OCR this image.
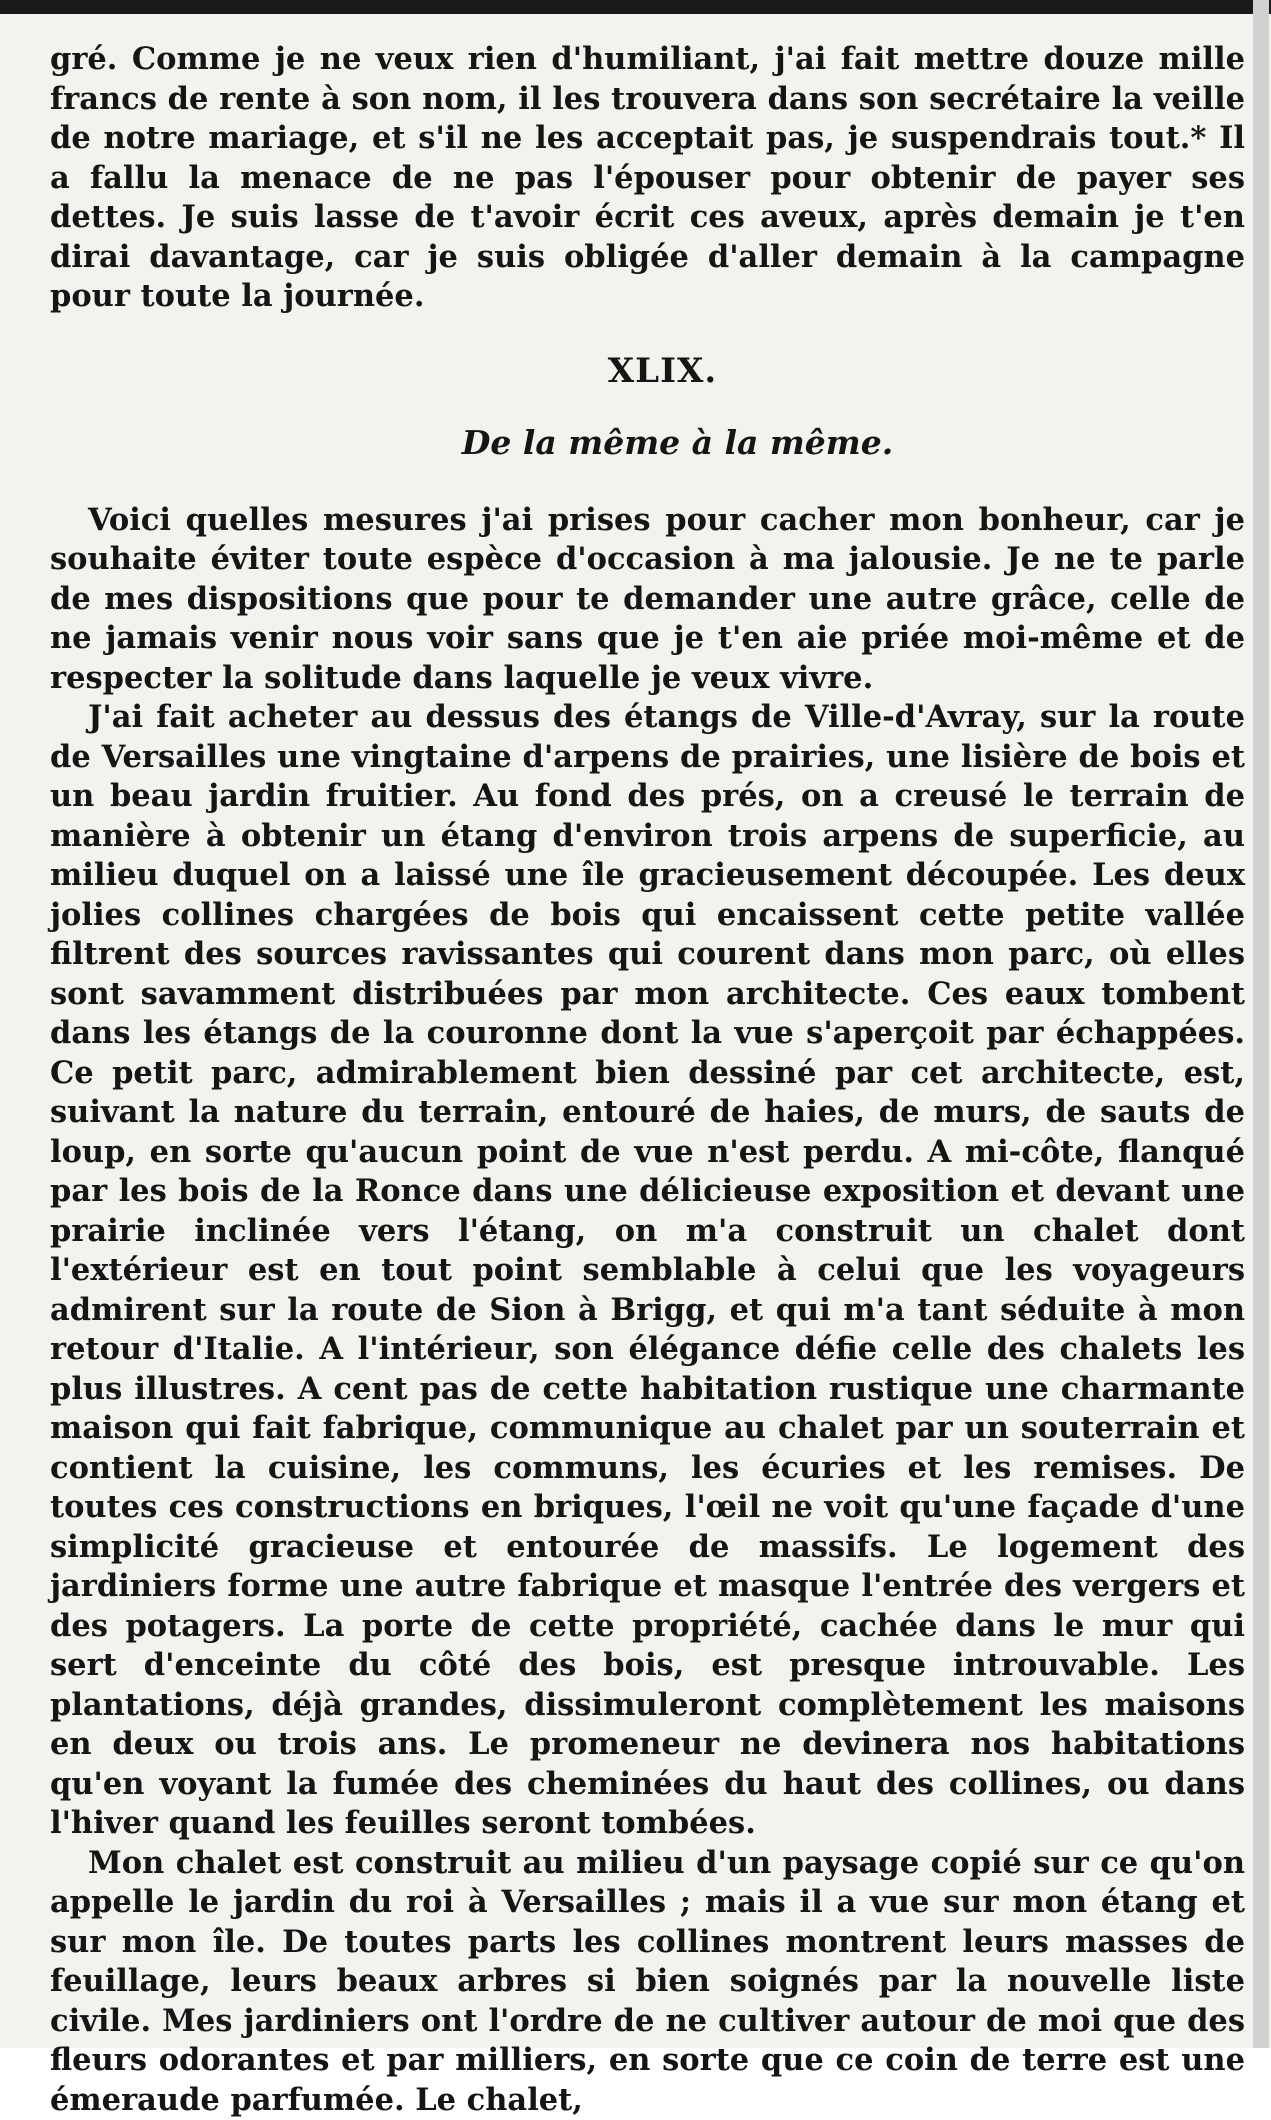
gré. Comme je ne veux rien d'humiliant, j'ai fait mettre douze mille francs de rente à son nom, il les trouvera dans son secrétaire la veille de notre mariage, et s'il ne les acceptait pas, je suspendrais tout.* Il a fallu la menace de ne pas l'épouser pour obtenir de payer ses dettes. Je suis lasse de t'avoir écrit ces aveux, après demain je t'en dirai davantage, car je suis obligée d'aller demain à la campagne pour toute la journée.

XLIX.
De la même à la même.

Voici quelles mesures j'ai prises pour cacher mon bonheur, car je souhaite éviter toute espèce d'occasion à ma jalousie. Je ne te parle de mes dispositions que pour te demander une autre grâce, celle de ne jamais venir nous voir sans que je t'en aie priée moi-même et de respecter la solitude dans laquelle je veux vivre.

J'ai fait acheter au dessus des étangs de Ville-d'Avray, sur la route de Versailles une vingtaine d'arpens de prairies, une lisière de bois et un beau jardin fruitier. Au fond des prés, on a creusé le terrain de manière à obtenir un étang d'environ trois arpens de superficie, au milieu duquel on a laissé une île gracieusement découpée. Les deux jolies collines chargées de bois qui encaissent cette petite vallée filtrent des sources ravissantes qui courent dans mon parc, où elles sont savamment distribuées par mon architecte. Ces eaux tombent dans les étangs de la couronne dont la vue s'aperçoit par échappées. Ce petit parc, admirablement bien dessiné par cet architecte, est, suivant la nature du terrain, entouré de haies, de murs, de sauts de loup, en sorte qu'aucun point de vue n'est perdu. A mi-côte, flanqué par les bois de la Ronce dans une délicieuse exposition et devant une prairie inclinée vers l'étang, on m'a construit un chalet dont l'extérieur est en tout point semblable à celui que les voyageurs admirent sur la route de Sion à Brigg, et qui m'a tant séduite à mon retour d'Italie. A l'intérieur, son élégance défie celle des chalets les plus illustres. A cent pas de cette habitation rustique une charmante maison qui fait fabrique, communique au chalet par un souterrain et contient la cuisine, les communs, les écuries et les remises. De toutes ces constructions en briques, l'œil ne voit qu'une façade d'une simplicité gracieuse et entourée de massifs. Le logement des jardiniers forme une autre fabrique et masque l'entrée des vergers et des potagers. La porte de cette propriété, cachée dans le mur qui sert d'enceinte du côté des bois, est presque introuvable. Les plantations, déjà grandes, dissimuleront complètement les maisons en deux ou trois ans. Le promeneur ne devinera nos habitations qu'en voyant la fumée des cheminées du haut des collines, ou dans l'hiver quand les feuilles seront tombées.

Mon chalet est construit au milieu d'un paysage copié sur ce qu'on appelle le jardin du roi à Versailles ; mais il a vue sur mon étang et sur mon île. De toutes parts les collines montrent leurs masses de feuillage, leurs beaux arbres si bien soignés par la nouvelle liste civile. Mes jardiniers ont l'ordre de ne cultiver autour de moi que des fleurs odorantes et par milliers, en sorte que ce coin de terre est une émeraude parfumée. Le chalet,
